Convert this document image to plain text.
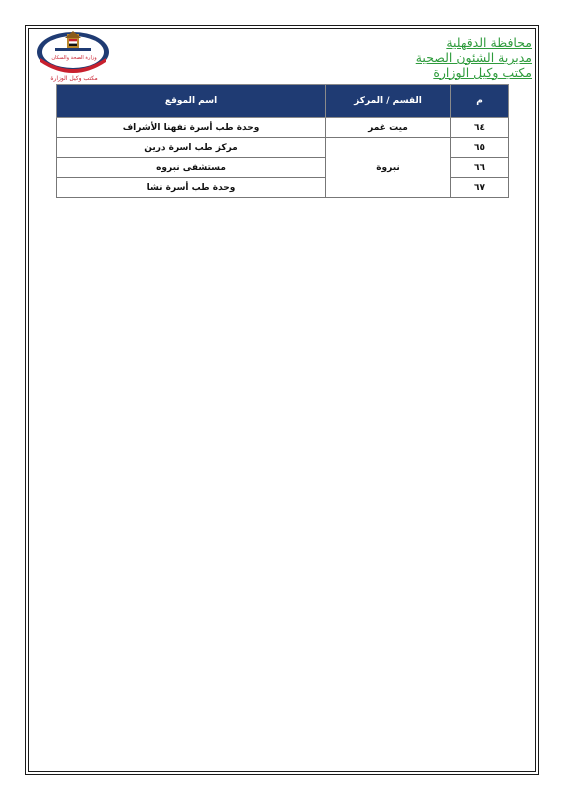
وزارة الصحة والسكان
مكتب وكيل الوزارة
محافظة الدقهلية
مديرية الشئون الصحية
مكتب وكيل الوزارة
م	القسم / المركز	اسم الموقع
٦٤	ميت غمر	وحدة طب أسرة تفهنا الأشراف
٦٥	نبروة	مركز طب اسرة درين
٦٦		مستشفى نبروه
٦٧		وحدة طب أسرة نشا
